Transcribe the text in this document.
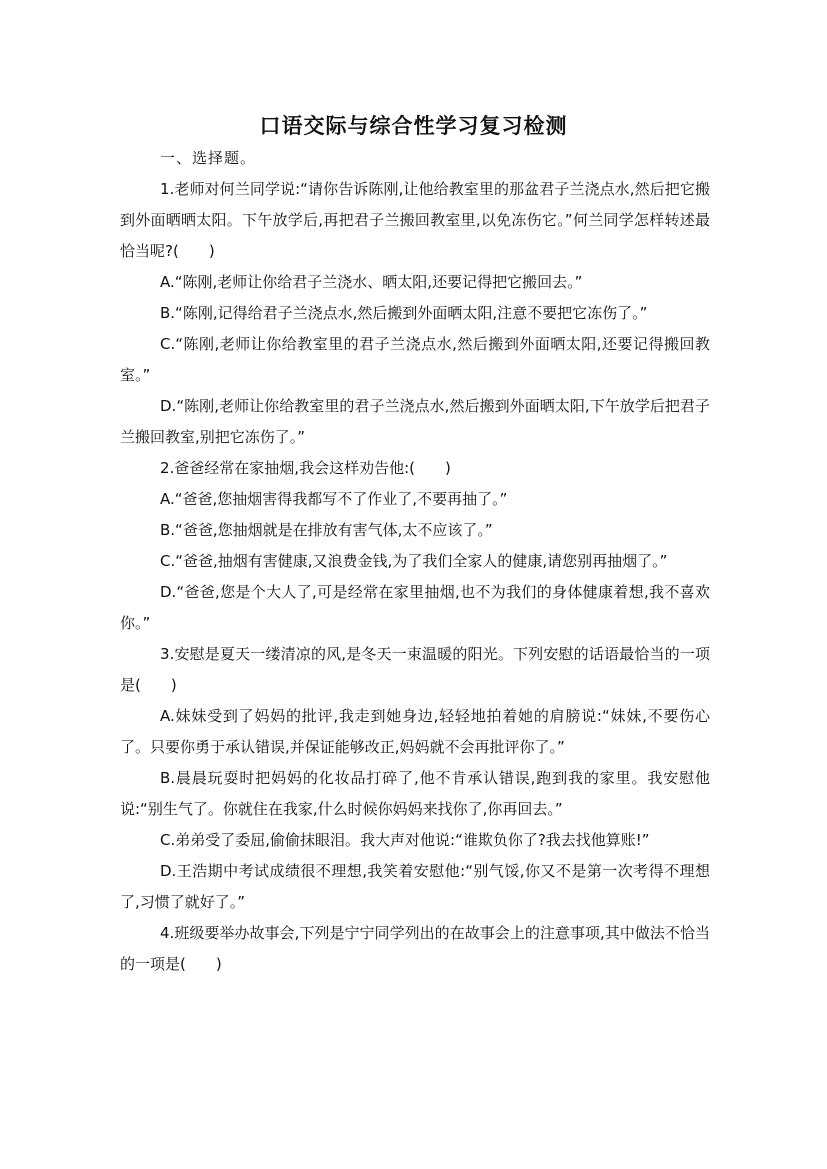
口语交际与综合性学习复习检测

一、选择题。

1.老师对何兰同学说:“请你告诉陈刚,让他给教室里的那盆君子兰浇点水,然后把它搬到外面晒晒太阳。下午放学后,再把君子兰搬回教室里,以免冻伤它。”何兰同学怎样转述最恰当呢?(　　)

A.“陈刚,老师让你给君子兰浇水、晒太阳,还要记得把它搬回去。”

B.“陈刚,记得给君子兰浇点水,然后搬到外面晒太阳,注意不要把它冻伤了。”

C.“陈刚,老师让你给教室里的君子兰浇点水,然后搬到外面晒太阳,还要记得搬回教室。”

D.“陈刚,老师让你给教室里的君子兰浇点水,然后搬到外面晒太阳,下午放学后把君子兰搬回教室,别把它冻伤了。”

2.爸爸经常在家抽烟,我会这样劝告他:(　　)

A.“爸爸,您抽烟害得我都写不了作业了,不要再抽了。”

B.“爸爸,您抽烟就是在排放有害气体,太不应该了。”

C.“爸爸,抽烟有害健康,又浪费金钱,为了我们全家人的健康,请您别再抽烟了。”

D.“爸爸,您是个大人了,可是经常在家里抽烟,也不为我们的身体健康着想,我不喜欢你。”

3.安慰是夏天一缕清凉的风,是冬天一束温暖的阳光。下列安慰的话语最恰当的一项是(　　)

A.妹妹受到了妈妈的批评,我走到她身边,轻轻地拍着她的肩膀说:“妹妹,不要伤心了。只要你勇于承认错误,并保证能够改正,妈妈就不会再批评你了。”

B.晨晨玩耍时把妈妈的化妆品打碎了,他不肯承认错误,跑到我的家里。我安慰他说:“别生气了。你就住在我家,什么时候你妈妈来找你了,你再回去。”

C.弟弟受了委屈,偷偷抹眼泪。我大声对他说:“谁欺负你了?我去找他算账!”

D.王浩期中考试成绩很不理想,我笑着安慰他:“别气馁,你又不是第一次考得不理想了,习惯了就好了。”

4.班级要举办故事会,下列是宁宁同学列出的在故事会上的注意事项,其中做法不恰当的一项是(　　)
